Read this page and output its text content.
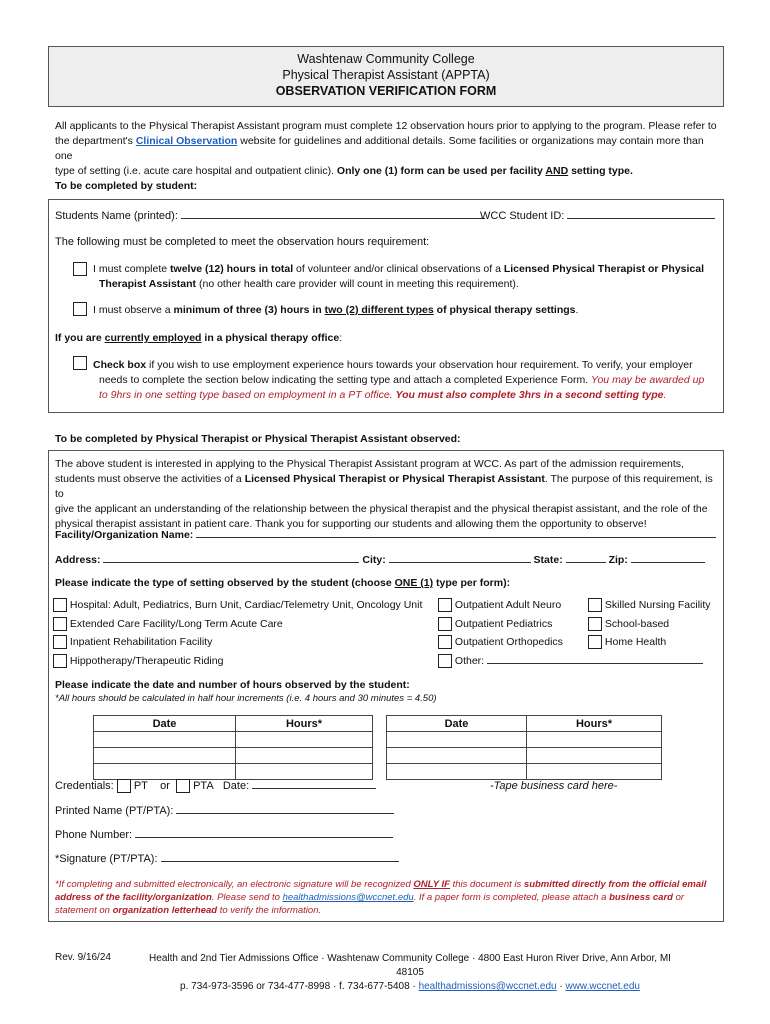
Washtenaw Community College
Physical Therapist Assistant (APPTA)
OBSERVATION VERIFICATION FORM
All applicants to the Physical Therapist Assistant program must complete 12 observation hours prior to applying to the program. Please refer to
the department's Clinical Observation website for guidelines and additional details. Some facilities or organizations may contain more than one
type of setting (i.e. acute care hospital and outpatient clinic). Only one (1) form can be used per facility AND setting type.
To be completed by student:
Students Name (printed):	WCC Student ID:
The following must be completed to meet the observation hours requirement:
I must complete twelve (12) hours in total of volunteer and/or clinical observations of a Licensed Physical Therapist or Physical
Therapist Assistant (no other health care provider will count in meeting this requirement).
I must observe a minimum of three (3) hours in two (2) different types of physical therapy settings.
If you are currently employed in a physical therapy office:
Check box if you wish to use employment experience hours towards your observation hour requirement. To verify, your employer
needs to complete the section below indicating the setting type and attach a completed Experience Form. You may be awarded up
to 9hrs in one setting type based on employment in a PT office. You must also complete 3hrs in a second setting type.
To be completed by Physical Therapist or Physical Therapist Assistant observed:
The above student is interested in applying to the Physical Therapist Assistant program at WCC. As part of the admission requirements,
students must observe the activities of a Licensed Physical Therapist or Physical Therapist Assistant. The purpose of this requirement, is to
give the applicant an understanding of the relationship between the physical therapist and the physical therapist assistant, and the role of the
physical therapist assistant in patient care. Thank you for supporting our students and allowing them the opportunity to observe!
Facility/Organization Name:
Address:	City:	State:	Zip:
Please indicate the type of setting observed by the student (choose ONE (1) type per form):
Hospital: Adult, Pediatrics, Burn Unit, Cardiac/Telemetry Unit, Oncology Unit
Extended Care Facility/Long Term Acute Care
Inpatient Rehabilitation Facility
Hippotherapy/Therapeutic Riding
Outpatient Adult Neuro
Outpatient Pediatrics
Outpatient Orthopedics
Other:
Skilled Nursing Facility
School-based
Home Health
Please indicate the date and number of hours observed by the student:
*All hours should be calculated in half hour increments (i.e. 4 hours and 30 minutes = 4.50)
Date	Hours*

		Date	Hours*

Credentials: PT or PTA Date:	-Tape business card here-
Printed Name (PT/PTA):
Phone Number:
*Signature (PT/PTA):
*If completing and submitted electronically, an electronic signature will be recognized ONLY IF this document is submitted directly from the official email address of the facility/organization. Please send to healthadmissions@wccnet.edu. If a paper form is completed, please attach a business card or statement on organization letterhead to verify the information.
Rev. 9/16/24	Health and 2nd Tier Admissions Office · Washtenaw Community College · 4800 East Huron River Drive, Ann Arbor, MI 48105
p. 734-973-3596 or 734-477-8998 · f. 734-677-5408 · healthadmissions@wccnet.edu · www.wccnet.edu
